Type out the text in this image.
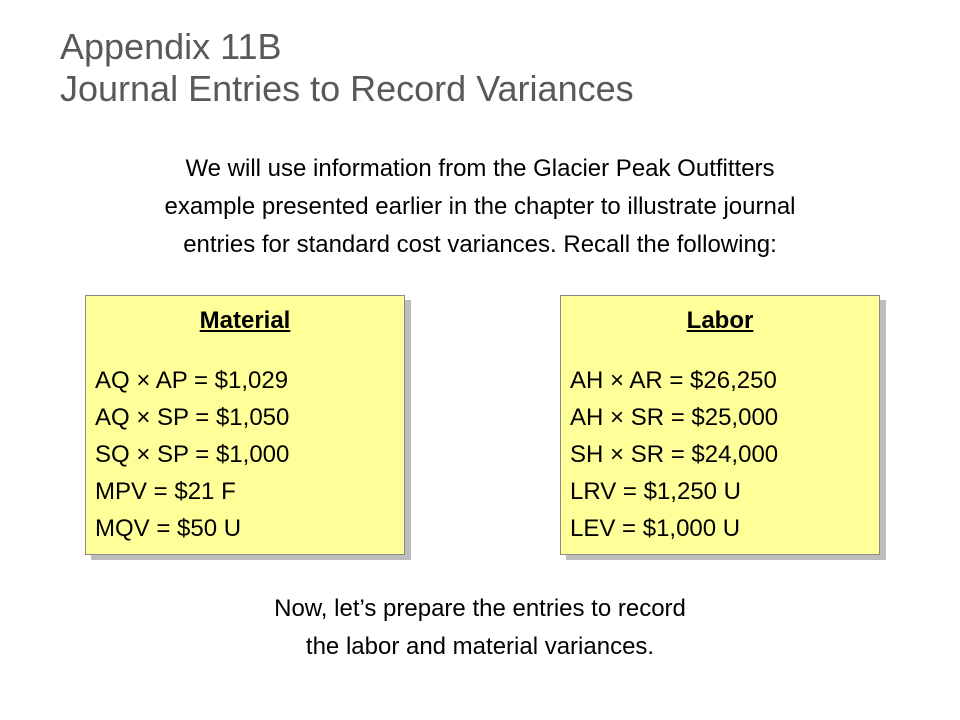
Appendix 11B
Journal Entries to Record Variances
We will use information from the Glacier Peak Outfitters
example presented earlier in the chapter to illustrate journal
entries for standard cost variances. Recall the following:
Material
AQ × AP = $1,029
AQ × SP = $1,050
SQ × SP = $1,000
MPV = $21 F
MQV = $50 U
Labor
AH × AR = $26,250
AH × SR = $25,000
SH × SR = $24,000
LRV = $1,250 U
LEV = $1,000 U
Now, let’s prepare the entries to record
the labor and material variances.
